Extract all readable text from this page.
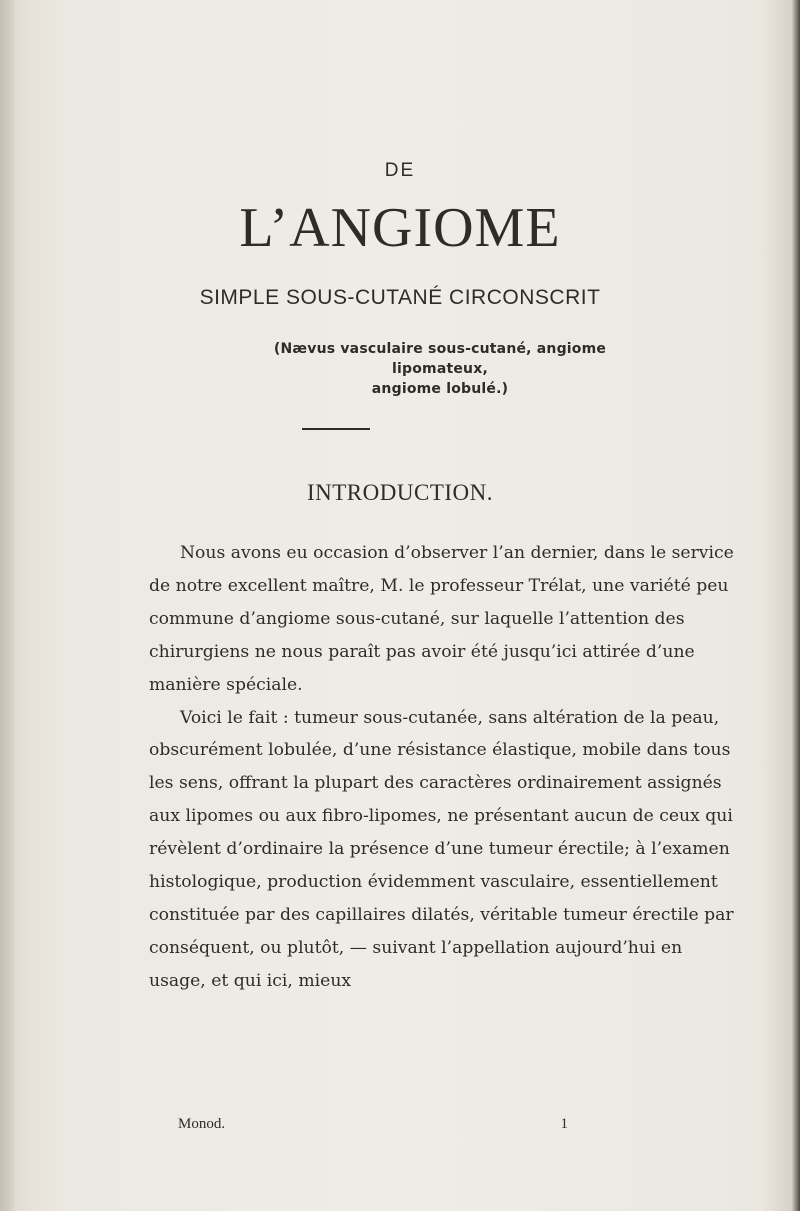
DE
L’ANGIOME
SIMPLE SOUS-CUTANÉ CIRCONSCRIT
(Nævus vasculaire sous-cutané, angiome lipomateux,
angiome lobulé.)
INTRODUCTION.

Nous avons eu occasion d’observer l’an dernier, dans le service de notre excellent maître, M. le professeur Trélat, une variété peu commune d’angiome sous-cutané, sur laquelle l’attention des chirurgiens ne nous paraît pas avoir été jusqu’ici attirée d’une manière spéciale.

Voici le fait : tumeur sous-cutanée, sans altération de la peau, obscurément lobulée, d’une résistance élastique, mobile dans tous les sens, offrant la plupart des caractères ordinairement assignés aux lipomes ou aux fibro-lipomes, ne présentant aucun de ceux qui révèlent d’ordinaire la présence d’une tumeur érectile; à l’examen histologique, production évidemment vasculaire, essentiellement constituée par des capillaires dilatés, véritable tumeur érectile par conséquent, ou plutôt, — suivant l’appellation aujourd’hui en usage, et qui ici, mieux

Monod.	1
